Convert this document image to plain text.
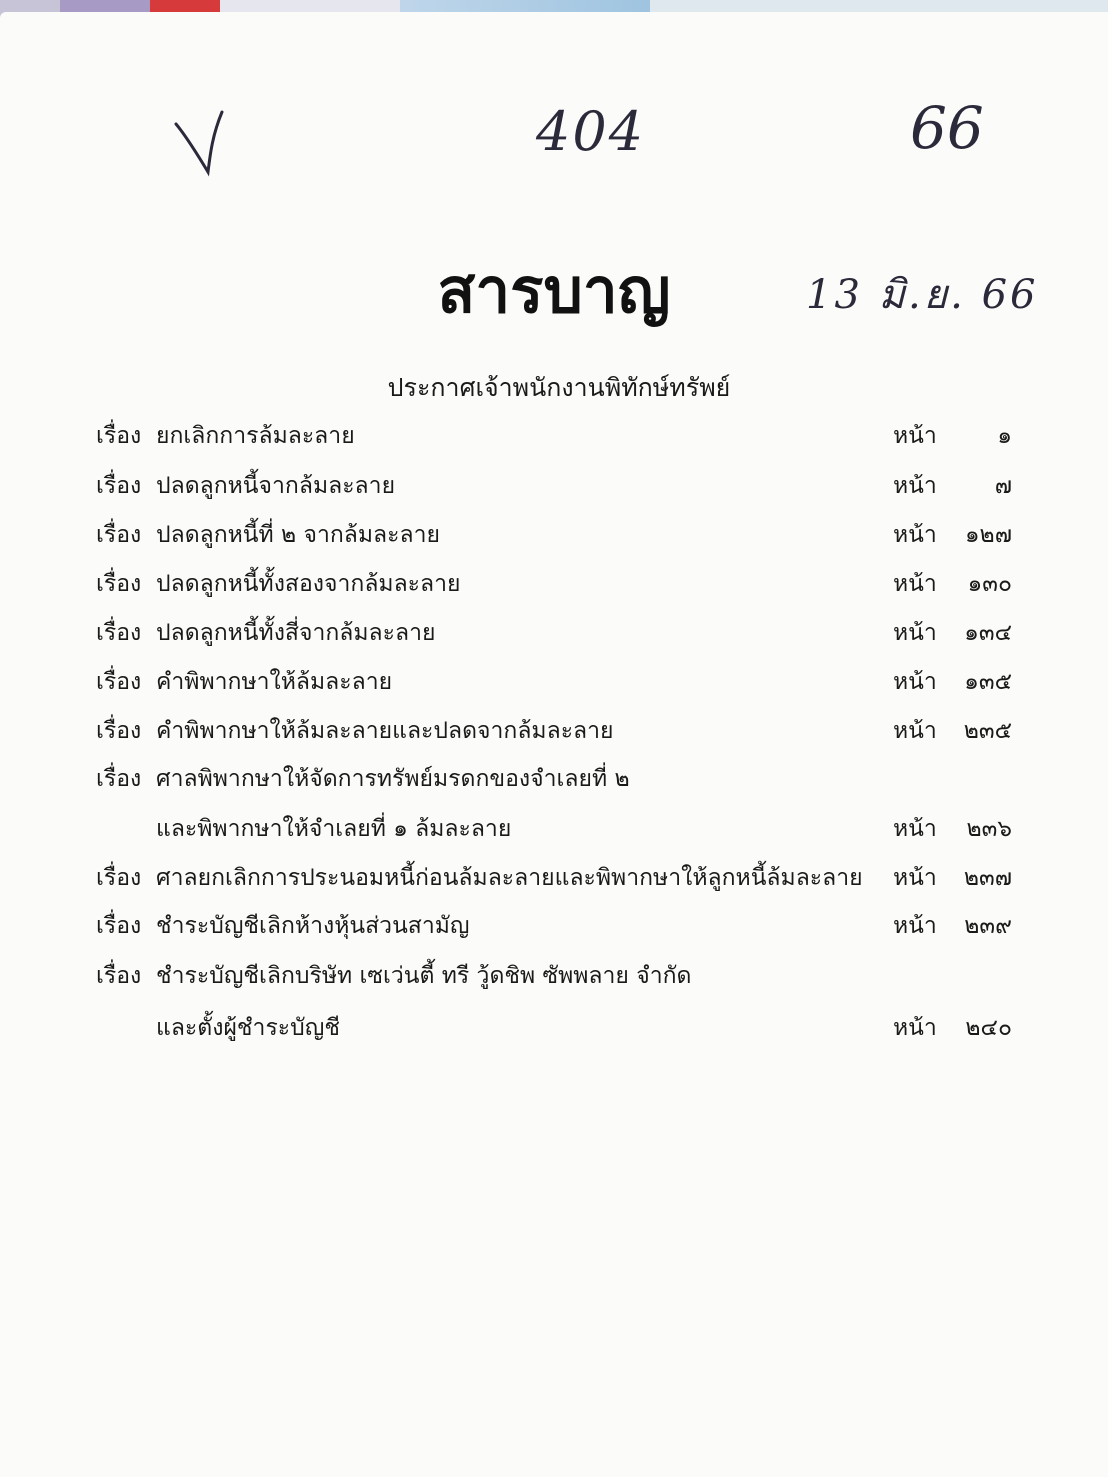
404	66
13 มิ.ย. 66
สารบาญ
ประกาศเจ้าพนักงานพิทักษ์ทรัพย์
เรื่อง ยกเลิกการล้มละลาย	หน้า	๑
เรื่อง ปลดลูกหนี้จากล้มละลาย	หน้า	๗
เรื่อง ปลดลูกหนี้ที่ ๒ จากล้มละลาย	หน้า ๑๒๗
เรื่อง ปลดลูกหนี้ทั้งสองจากล้มละลาย	หน้า ๑๓๐
เรื่อง ปลดลูกหนี้ทั้งสี่จากล้มละลาย	หน้า ๑๓๔
เรื่อง คำพิพากษาให้ล้มละลาย	หน้า ๑๓๕
เรื่อง คำพิพากษาให้ล้มละลายและปลดจากล้มละลาย	หน้า ๒๓๕
เรื่อง ศาลพิพากษาให้จัดการทรัพย์มรดกของจำเลยที่ ๒
และพิพากษาให้จำเลยที่ ๑ ล้มละลาย	หน้า ๒๓๖
เรื่อง ศาลยกเลิกการประนอมหนี้ก่อนล้มละลายและพิพากษาให้ลูกหนี้ล้มละลาย หน้า ๒๓๗
เรื่อง ชำระบัญชีเลิกห้างหุ้นส่วนสามัญ	หน้า ๒๓๙
เรื่อง ชำระบัญชีเลิกบริษัท เซเว่นตี้ ทรี วู้ดชิพ ซัพพลาย จำกัด
และตั้งผู้ชำระบัญชี	หน้า ๒๔๐
